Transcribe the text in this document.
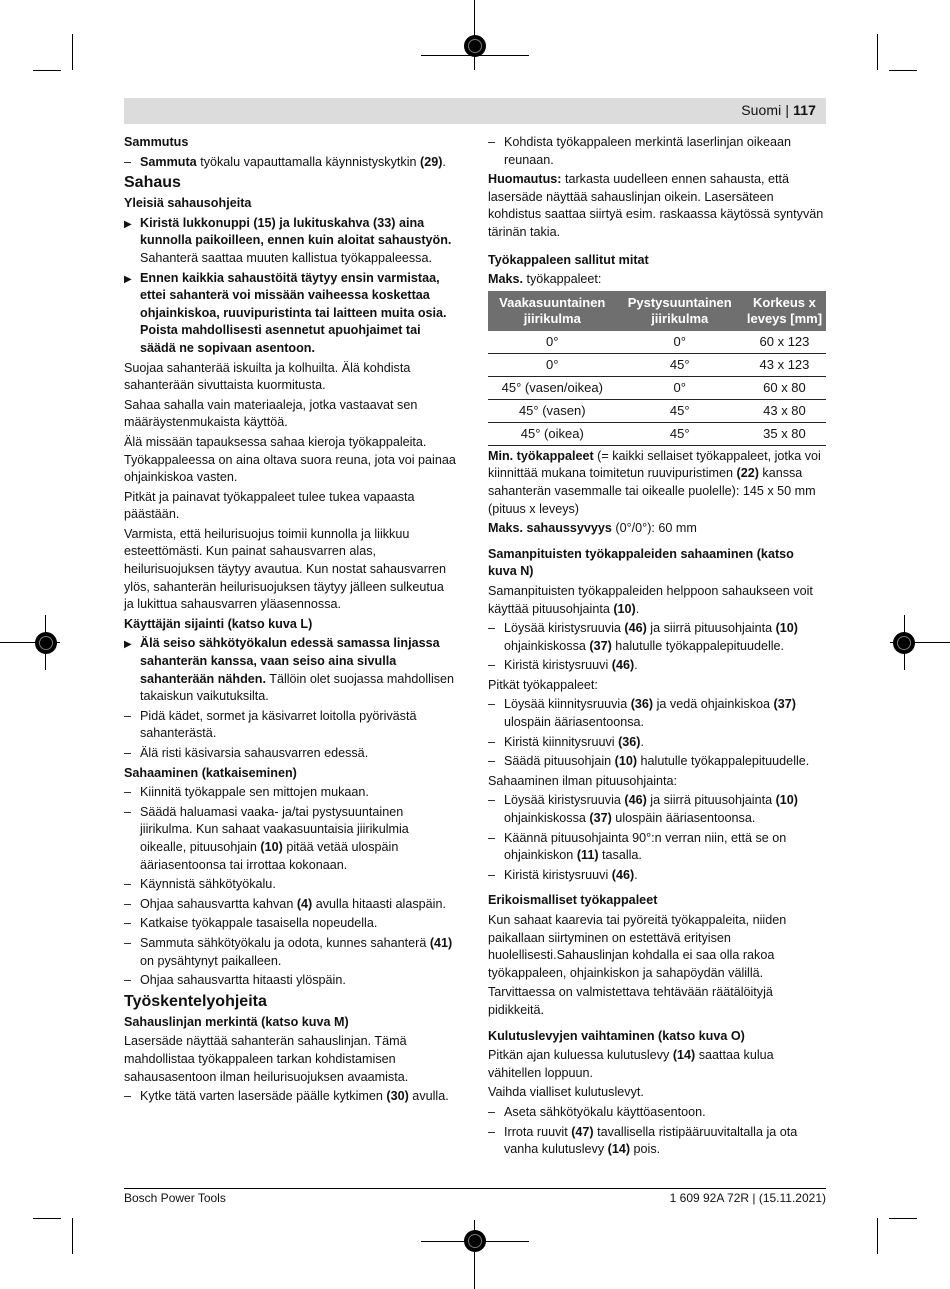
Suomi | 117

Sammutus

– Sammuta työkalu vapauttamalla käynnistyskytkin (29).

Sahaus

Yleisiä sahausohjeita

▶ Kiristä lukkonuppi (15) ja lukituskahva (33) aina kunnolla paikoilleen, ennen kuin aloitat sahaustyön. Sahanterä saattaa muuten kallistua työkappaleessa.

▶ Ennen kaikkia sahaustöitä täytyy ensin varmistaa, ettei sahanterä voi missään vaiheessa koskettaa ohjainkiskoa, ruuvipuristinta tai laitteen muita osia. Poista mahdollisesti asennetut apuohjaimet tai säädä ne sopivaan asentoon.

Suojaa sahanterää iskuilta ja kolhuilta. Älä kohdista sahanterään sivuttaista kuormitusta.

Sahaa sahalla vain materiaaleja, jotka vastaavat sen määräystenmukaista käyttöä.

Älä missään tapauksessa sahaa kieroja työkappaleita. Työkappaleessa on aina oltava suora reuna, jota voi painaa ohjainkiskoa vasten.

Pitkät ja painavat työkappaleet tulee tukea vapaasta päästään.

Varmista, että heilurisuojus toimii kunnolla ja liikkuu esteettömästi. Kun painat sahausvarren alas, heilurisuojuksen täytyy avautua. Kun nostat sahausvarren ylös, sahanterän heilurisuojuksen täytyy jälleen sulkeutua ja lukittua sahausvarren yläasennossa.

Käyttäjän sijainti (katso kuva L)

▶ Älä seiso sähkötyökalun edessä samassa linjassa sahanterän kanssa, vaan seiso aina sivulla sahanterään nähden. Tällöin olet suojassa mahdollisen takaiskun vaikutuksilta.

– Pidä kädet, sormet ja käsivarret loitolla pyörivästä sahanterästä.

– Älä risti käsivarsia sahausvarren edessä.

Sahaaminen (katkaiseminen)

– Kiinnitä työkappale sen mittojen mukaan.

– Säädä haluamasi vaaka- ja/tai pystysuuntainen jiirikulma. Kun sahaat vaakasuuntaisia jiirikulmia oikealle, pituusohjain (10) pitää vetää ulospäin ääriasentoonsa tai irrottaa kokonaan.

– Käynnistä sähkötyökalu.

– Ohjaa sahausvartta kahvan (4) avulla hitaasti alaspäin.

– Katkaise työkappale tasaisella nopeudella.

– Sammuta sähkötyökalu ja odota, kunnes sahanterä (41) on pysähtynyt paikalleen.

– Ohjaa sahausvartta hitaasti ylöspäin.

Työskentelyohjeita

Sahauslinjan merkintä (katso kuva M)

Lasersäde näyttää sahanterän sahauslinjan. Tämä mahdollistaa työkappaleen tarkan kohdistamisen sahausasentoon ilman heilurisuojuksen avaamista.

– Kytke tätä varten lasersäde päälle kytkimen (30) avulla.

– Kohdista työkappaleen merkintä laserlinjan oikeaan reunaan.

Huomautus: tarkasta uudelleen ennen sahausta, että lasersäde näyttää sahauslinjan oikein. Lasersäteen kohdistus saattaa siirtyä esim. raskaassa käytössä syntyvän tärinän takia.

Työkappaleen sallitut mitat

Maks. työkappaleet:

Vaakasuuntainen jiirikulma	Pystysuuntainen jiirikulma	Korkeus x leveys [mm]
0°	0°	60 x 123
0°	45°	43 x 123
45° (vasen/oikea)	0°	60 x 80
45° (vasen)	45°	43 x 80
45° (oikea)	45°	35 x 80

Min. työkappaleet (= kaikki sellaiset työkappaleet, jotka voi kiinnittää mukana toimitetun ruuvipuristimen (22) kanssa sahanterän vasemmalle tai oikealle puolelle): 145 x 50 mm (pituus x leveys)

Maks. sahaussyvyys (0°/0°): 60 mm

Samanpituisten työkappaleiden sahaaminen (katso kuva N)

Samanpituisten työkappaleiden helppoon sahaukseen voit käyttää pituusohjainta (10).

– Löysää kiristysruuvia (46) ja siirrä pituusohjainta (10) ohjainkiskossa (37) halutulle työkappalepituudelle.

– Kiristä kiristysruuvi (46).

Pitkät työkappaleet:

– Löysää kiinnitysruuvia (36) ja vedä ohjainkiskoa (37) ulospäin ääriasentoonsa.

– Kiristä kiinnitysruuvi (36).

– Säädä pituusohjain (10) halutulle työkappalepituudelle.

Sahaaminen ilman pituusohjainta:

– Löysää kiristysruuvia (46) ja siirrä pituusohjainta (10) ohjainkiskossa (37) ulospäin ääriasentoonsa.

– Käännä pituusohjainta 90°:n verran niin, että se on ohjainkiskon (11) tasalla.

– Kiristä kiristysruuvi (46).

Erikoismalliset työkappaleet

Kun sahaat kaarevia tai pyöreitä työkappaleita, niiden paikallaan siirtyminen on estettävä erityisen huolellisesti.Sahauslinjan kohdalla ei saa olla rakoa työkappaleen, ohjainkiskon ja sahapöydän välillä.

Tarvittaessa on valmistettava tehtävään räätälöityjä pidikkeitä.

Kulutuslevyjen vaihtaminen (katso kuva O)

Pitkän ajan kuluessa kulutuslevy (14) saattaa kulua vähitellen loppuun.

Vaihda vialliset kulutuslevyt.

– Aseta sähkötyökalu käyttöasentoon.

– Irrota ruuvit (47) tavallisella ristipääruuvitaltalla ja ota vanha kulutuslevy (14) pois.

Bosch Power Tools	1 609 92A 72R | (15.11.2021)
